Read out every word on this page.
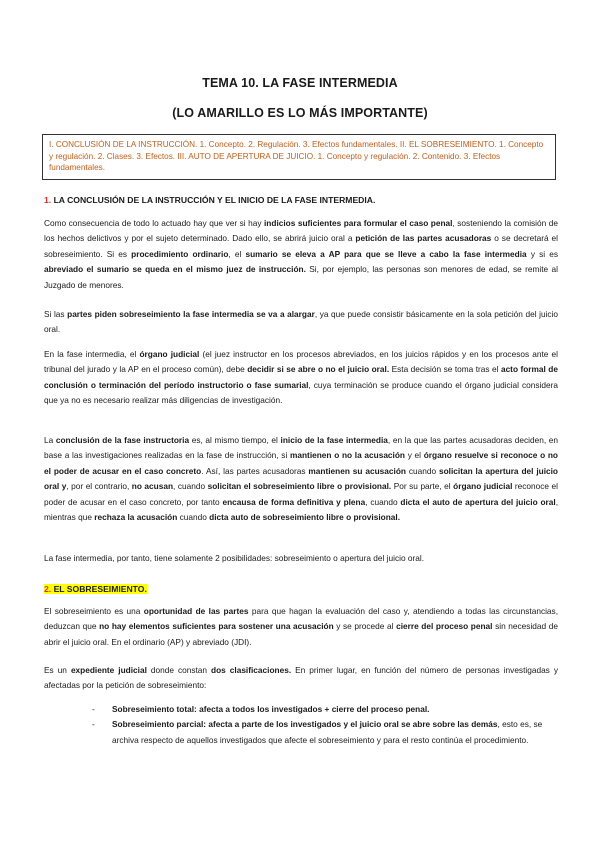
TEMA 10. LA FASE INTERMEDIA
(LO AMARILLO ES LO MÁS IMPORTANTE)
I. CONCLUSIÓN DE LA INSTRUCCIÓN. 1. Concepto. 2. Regulación. 3. Efectos fundamentales. II. EL SOBRESEIMIENTO. 1. Concepto y regulación. 2. Clases. 3. Efectos. III. AUTO DE APERTURA DE JUICIO. 1. Concepto y regulación. 2. Contenido. 3. Efectos fundamentales.
1. LA CONCLUSIÓN DE LA INSTRUCCIÓN Y EL INICIO DE LA FASE INTERMEDIA.
Como consecuencia de todo lo actuado hay que ver si hay indicios suficientes para formular el caso penal, sosteniendo la comisión de los hechos delictivos y por el sujeto determinado. Dado ello, se abrirá juicio oral a petición de las partes acusadoras o se decretará el sobreseimiento. Si es procedimiento ordinario, el sumario se eleva a AP para que se lleve a cabo la fase intermedia y si es abreviado el sumario se queda en el mismo juez de instrucción. Si, por ejemplo, las personas son menores de edad, se remite al Juzgado de menores.
Si las partes piden sobreseimiento la fase intermedia se va a alargar, ya que puede consistir básicamente en la sola petición del juicio oral.
En la fase intermedia, el órgano judicial (el juez instructor en los procesos abreviados, en los juicios rápidos y en los procesos ante el tribunal del jurado y la AP en el proceso común), debe decidir si se abre o no el juicio oral. Esta decisión se toma tras el acto formal de conclusión o terminación del período instructorio o fase sumarial, cuya terminación se produce cuando el órgano judicial considera que ya no es necesario realizar más diligencias de investigación.
La conclusión de la fase instructoria es, al mismo tiempo, el inicio de la fase intermedia, en la que las partes acusadoras deciden, en base a las investigaciones realizadas en la fase de instrucción, si mantienen o no la acusación y el órgano resuelve si reconoce o no el poder de acusar en el caso concreto. Así, las partes acusadoras mantienen su acusación cuando solicitan la apertura del juicio oral y, por el contrario, no acusan, cuando solicitan el sobreseimiento libre o provisional. Por su parte, el órgano judicial reconoce el poder de acusar en el caso concreto, por tanto encausa de forma definitiva y plena, cuando dicta el auto de apertura del juicio oral, mientras que rechaza la acusación cuando dicta auto de sobreseimiento libre o provisional.
La fase intermedia, por tanto, tiene solamente 2 posibilidades: sobreseimiento o apertura del juicio oral.
2. EL SOBRESEIMIENTO.
El sobreseimiento es una oportunidad de las partes para que hagan la evaluación del caso y, atendiendo a todas las circunstancias, deduzcan que no hay elementos suficientes para sostener una acusación y se procede al cierre del proceso penal sin necesidad de abrir el juicio oral. En el ordinario (AP) y abreviado (JDI).
Es un expediente judicial donde constan dos clasificaciones. En primer lugar, en función del número de personas investigadas y afectadas por la petición de sobreseimiento:
- Sobreseimiento total: afecta a todos los investigados + cierre del proceso penal.
- Sobreseimiento parcial: afecta a parte de los investigados y el juicio oral se abre sobre las demás, esto es, se archiva respecto de aquellos investigados que afecte el sobreseimiento y para el resto continúa el procedimiento.
